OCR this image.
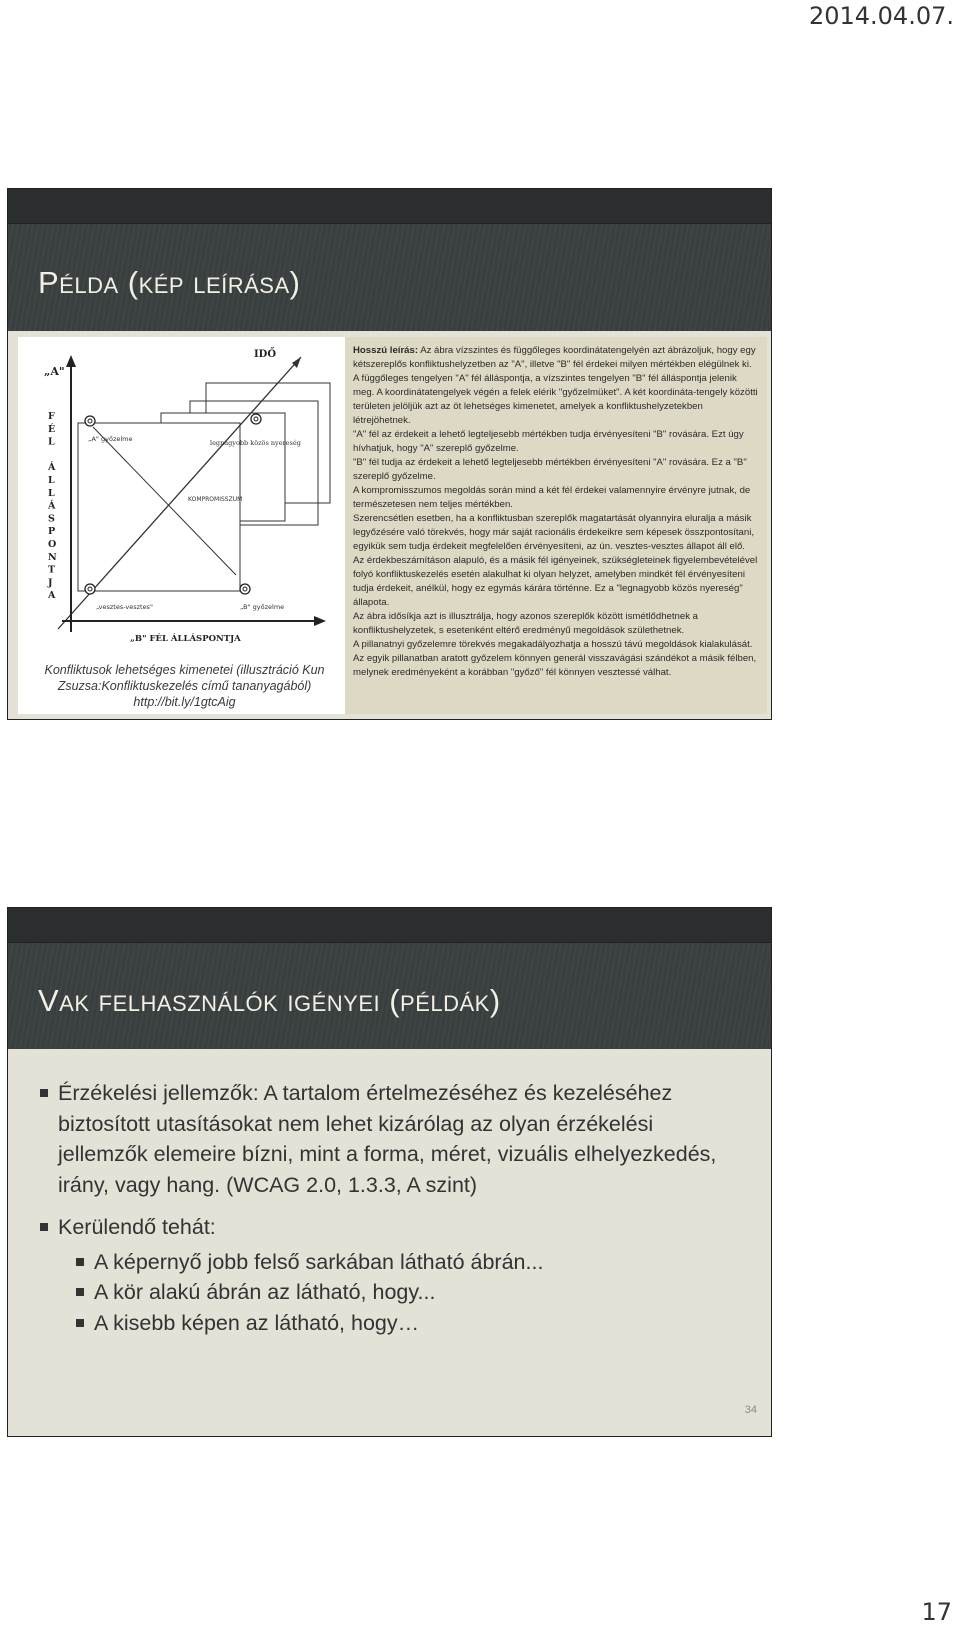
2014.04.07.
Példa (kép leírása)
„A"
IDŐ
F
É
L
Á
L
L
Á
S
P
O
N
T
J
A
„A" győzelme	legnagyobb közös nyereség
KOMPROMISSZUM
„vesztes-vesztes"	„B" győzelme
„B" FÉL ÁLLÁSPONTJA
Konfliktusok lehetséges kimenetei (illusztráció Kun
Zsuzsa:Konfliktuskezelés című tananyagából)
http://bit.ly/1gtcAig

Hosszú leírás: Az ábra vízszintes és függőleges koordinátatengelyén azt ábrázoljuk, hogy egy kétszereplős konfliktushelyzetben az "A", illetve "B" fél érdekei milyen mértékben elégülnek ki. A függőleges tengelyen "A" fél álláspontja, a vízszintes tengelyen "B" fél álláspontja jelenik meg. A koordinátatengelyek végén a felek elérik "győzelmüket". A két koordináta-tengely közötti területen jelöljük azt az öt lehetséges kimenetet, amelyek a konfliktushelyzetekben létrejöhetnek.

"A" fél az érdekeit a lehető legteljesebb mértékben tudja érvényesíteni "B" rovására. Ezt úgy hívhatjuk, hogy "A" szereplő győzelme.

"B" fél tudja az érdekeit a lehető legteljesebb mértékben érvényesíteni "A" rovására. Ez a "B" szereplő győzelme.

A kompromisszumos megoldás során mind a két fél érdekei valamennyire érvényre jutnak, de természetesen nem teljes mértékben.

Szerencsétlen esetben, ha a konfliktusban szereplők magatartását olyannyira eluralja a másik legyőzésére való törekvés, hogy már saját racionális érdekeikre sem képesek összpontosítani, egyikük sem tudja érdekeit megfelelően érvényesíteni, az ún. vesztes-vesztes állapot áll elő.

Az érdekbeszámításon alapuló, és a másik fél igényeinek, szükségleteinek figyelembevételével folyó konfliktuskezelés esetén alakulhat ki olyan helyzet, amelyben mindkét fél érvényesíteni tudja érdekeit, anélkül, hogy ez egymás kárára történne. Ez a "legnagyobb közös nyereség" állapota.

Az ábra idősíkja azt is illusztrálja, hogy azonos szereplők között ismétlődhetnek a konfliktushelyzetek, s esetenként eltérő eredményű megoldások születhetnek.

A pillanatnyi győzelemre törekvés megakadályozhatja a hosszú távú megoldások kialakulását. Az egyik pillanatban aratott győzelem könnyen generál visszavágási szándékot a másik félben, melynek eredményeként a korábban "győző" fél könnyen vesztessé válhat.

Vak felhasználók igényei (példák)
Érzékelési jellemzők: A tartalom értelmezéséhez és kezeléséhez biztosított utasításokat nem lehet kizárólag az olyan érzékelési jellemzők elemeire bízni, mint a forma, méret, vizuális elhelyezkedés, irány, vagy hang. (WCAG 2.0, 1.3.3, A szint)
Kerülendő tehát:
A képernyő jobb felső sarkában látható ábrán...
A kör alakú ábrán az látható, hogy...
A kisebb képen az látható, hogy…
34
17
